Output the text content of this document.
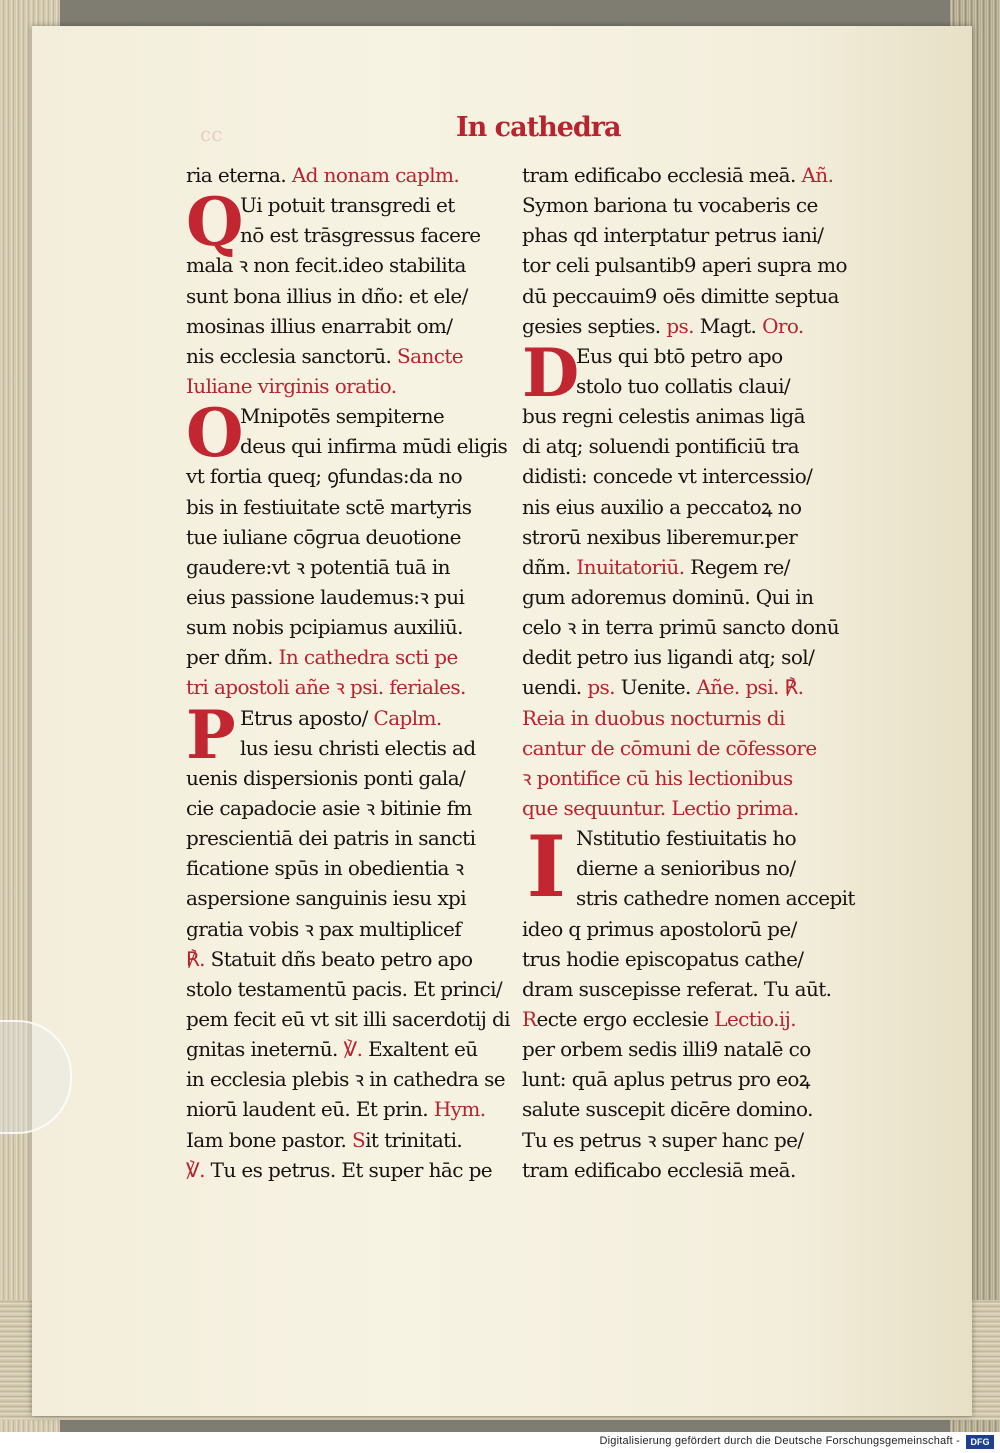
cc	In cathedra
ria eterna. Ad nonam caplm.
Q
Ui potuit transgredi et
nō est trāsgressus facere
mala ꝛ non fecit.ideo stabilita
sunt bona illius in dño: et ele/
mosinas illius enarrabit om/
nis ecclesia sanctorū. Sancte
Iuliane virginis oratio.
O
Mnipotēs sempiterne
deus qui infirma mūdi eligis
vt fortia queq; ꝯfundas:da no
bis in festiuitate sctē martyris
tue iuliane cōgrua deuotione
gaudere:vt ꝛ potentiā tuā in
eius passione laudemus:ꝛ pui
sum nobis pcipiamus auxiliū.
per dñm. In cathedra scti pe
tri apostoli añe ꝛ psi. feriales.
P Etrus aposto/ Caplm.
lus iesu christi electis ad
uenis dispersionis ponti gala/
cie capadocie asie ꝛ bitinie fm
prescientiā dei patris in sancti
ficatione spūs in obedientia ꝛ
aspersione sanguinis iesu xpi
gratia vobis ꝛ pax multiplicef
℟. Statuit dñs beato petro apo
stolo testamentū pacis. Et princi/
pem fecit eū vt sit illi sacerdotij di
gnitas ineternū. ℣. Exaltent eū
in ecclesia plebis ꝛ in cathedra se
niorū laudent eū. Et prin. Hym.
Iam bone pastor. Sit trinitati.
℣. Tu es petrus. Et super hāc pe
tram edificabo ecclesiā meā. Añ.
Symon bariona tu vocaberis ce
phas qd interptatur petrus iani/
tor celi pulsantib9 aperi supra mo
dū peccauim9 oēs dimitte septua
gesies septies. ps. Magt. Oro.
D
Eus qui btō petro apo
stolo tuo collatis claui/
bus regni celestis animas ligā
di atq; soluendi pontificiū tra
didisti: concede vt intercessio/
nis eius auxilio a peccatoꝝ no
strorū nexibus liberemur.per
dñm. Inuitatoriū. Regem re/
gum adoremus dominū. Qui in
celo ꝛ in terra primū sancto donū
dedit petro ius ligandi atq; sol/
uendi. ps. Uenite. Añe. psi. ℟.
Reia in duobus nocturnis di
cantur de cōmuni de cōfessore
ꝛ pontifice cū his lectionibus
que sequuntur. Lectio prima.
I Nstitutio festiuitatis ho
dierne a senioribus no/
stris cathedre nomen accepit
ideo q primus apostolorū pe/
trus hodie episcopatus cathe/
dram suscepisse referat. Tu aūt.
Recte ergo ecclesie Lectio.ij.
per orbem sedis illi9 natalē co
lunt: quā aplus petrus pro eoꝝ
salute suscepit dicēre domino.
Tu es petrus ꝛ super hanc pe/
tram edificabo ecclesiā meā.
Digitalisierung gefördert durch die Deutsche Forschungsgemeinschaft -	DFG
